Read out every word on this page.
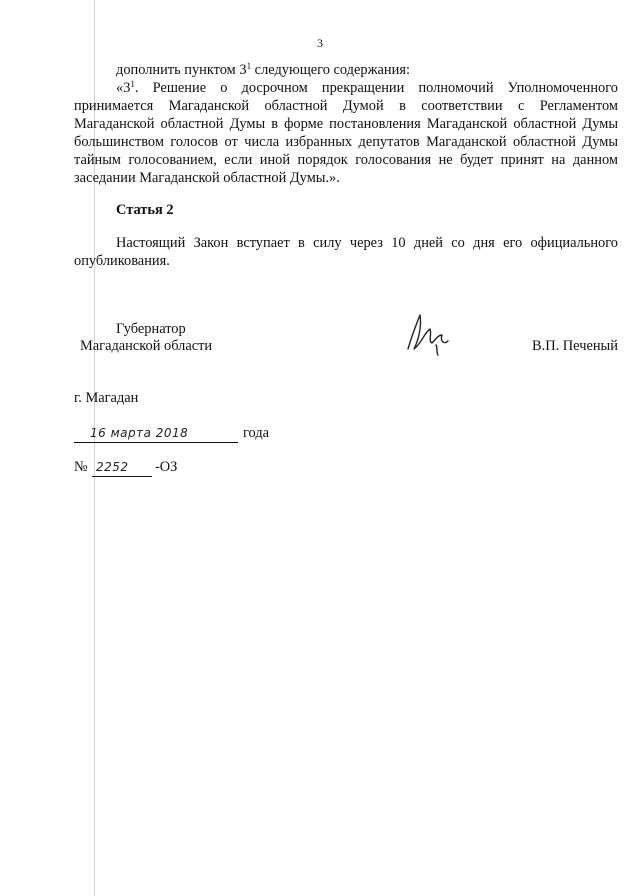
3
дополнить пунктом $3^1$ следующего содержания:
«$3^1$. Решение о досрочном прекращении полномочий Уполномоченного принимается Магаданской областной Думой в соответствии с Регламентом Магаданской областной Думы в форме постановления Магаданской областной Думы большинством голосов от числа избранных депутатов Магаданской областной Думы тайным голосованием, если иной порядок голосования не будет принят на данном заседании Магаданской областной Думы.».
Статья 2
Настоящий Закон вступает в силу через 10 дней со дня его официального опубликования.
Губернатор
Магаданской области	В.П. Печеный
г. Магадан
16 марта 2018	года
№ 2252 -ОЗ
